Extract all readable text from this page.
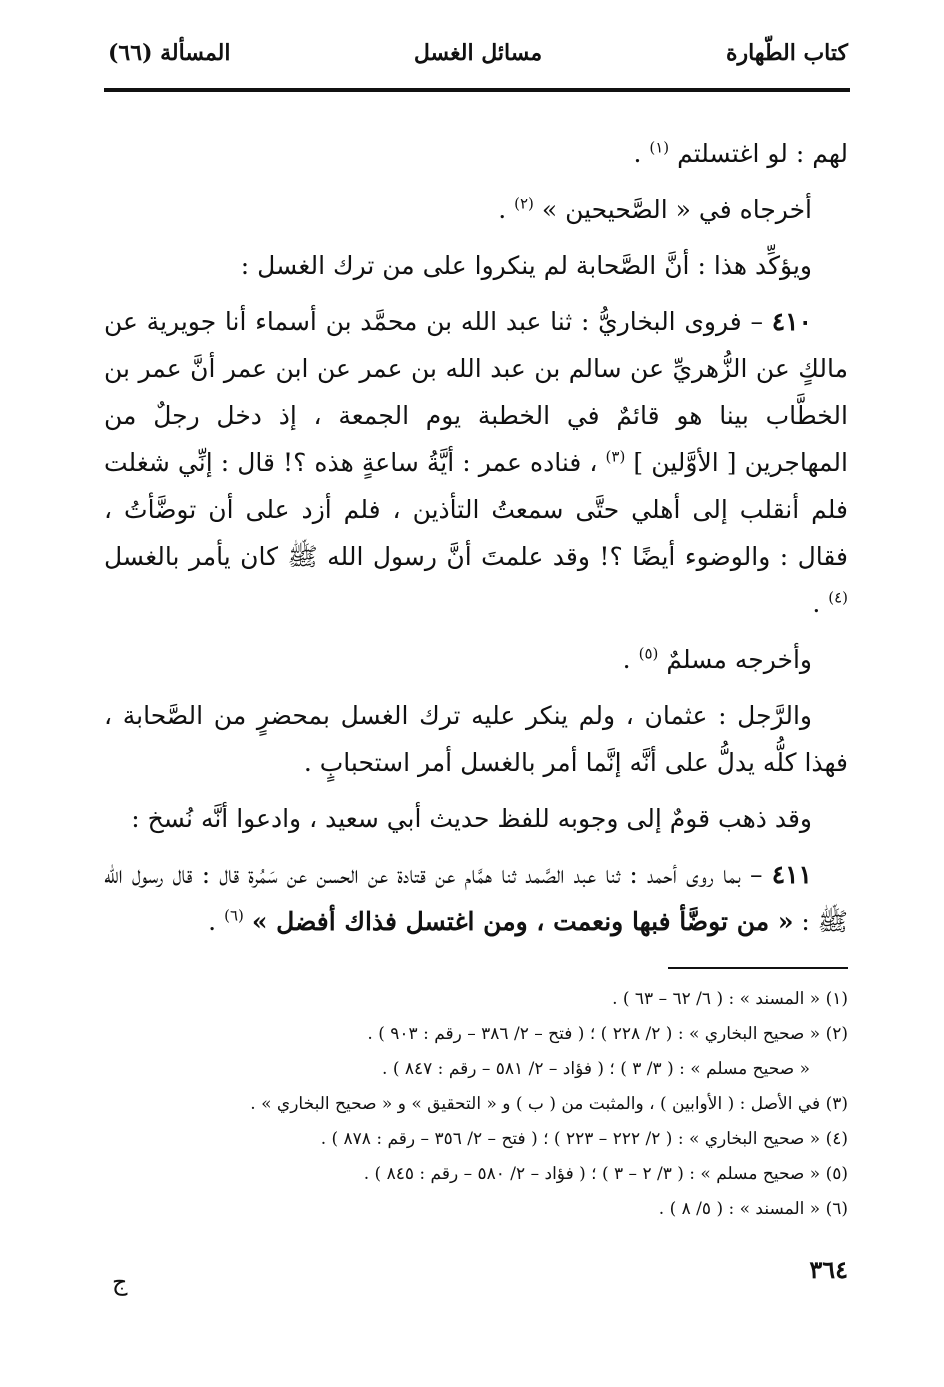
كتاب الطّهارة
مسائل الغسل
المسألة (٦٦)

لهم : لو اغتسلتم $^{(١)}$ .

أخرجاه في « الصَّحيحين » $^{(٢)}$ .

ويؤكِّد هذا : أنَّ الصَّحابة لم ينكروا على من ترك الغسل :

٤١٠ – فروى البخاريُّ : ثنا عبد الله بن محمَّد بن أسماء أنا جويرية عن مالكٍ عن الزُّهريِّ عن سالم بن عبد الله بن عمر عن ابن عمر أنَّ عمر بن الخطَّاب بينا هو قائمٌ في الخطبة يوم الجمعة ، إذ دخل رجلٌ من المهاجرين [ الأوَّلين ] $^{(٣)}$ ، فناده عمر : أيَّةُ ساعةٍ هذه ؟! قال : إنِّي شغلت فلم أنقلب إلى أهلي حتَّى سمعتُ التأذين ، فلم أزد على أن توضَّأتُ ، فقال : والوضوء أيضًا ؟! وقد علمتَ أنَّ رسول الله ﷺ كان يأمر بالغسل $^{(٤)}$ .

وأخرجه مسلمٌ $^{(٥)}$ .

والرَّجل : عثمان ، ولم ينكر عليه ترك الغسل بمحضرٍ من الصَّحابة ، فهذا كلُّه يدلُّ على أنَّه إنَّما أمر بالغسل أمر استحبابٍ .

وقد ذهب قومٌ إلى وجوبه للفظ حديث أبي سعيد ، وادعوا أنَّه نُسخ :

٤١١ – بما روى أحمد : ثنا عبد الصَّمد ثنا همَّام عن قتادة عن الحسن عن سَمُرة قال : قال رسول الله ﷺ : « من توضَّأ فبها ونعمت ، ومن اغتسل فذاك أفضل » $^{(٦)}$ .

(١) « المسند » : ( ٦/ ٦٢ – ٦٣ ) .
(٢) « صحيح البخاري » : ( ٢/ ٢٢٨ ) ؛ ( فتح – ٢/ ٣٨٦ – رقم : ٩٠٣ ) .
« صحيح مسلم » : ( ٣/ ٣ ) ؛ ( فؤاد – ٢/ ٥٨١ – رقم : ٨٤٧ ) .
(٣) في الأصل : ( الأوابين ) ، والمثبت من ( ب ) و « التحقيق » و « صحيح البخاري » .
(٤) « صحيح البخاري » : ( ٢/ ٢٢٢ – ٢٢٣ ) ؛ ( فتح – ٢/ ٣٥٦ – رقم : ٨٧٨ ) .
(٥) « صحيح مسلم » : ( ٣/ ٢ – ٣ ) ؛ ( فؤاد – ٢/ ٥٨٠ – رقم : ٨٤٥ ) .
(٦) « المسند » : ( ٥/ ٨ ) .
٣٦٤
ج
